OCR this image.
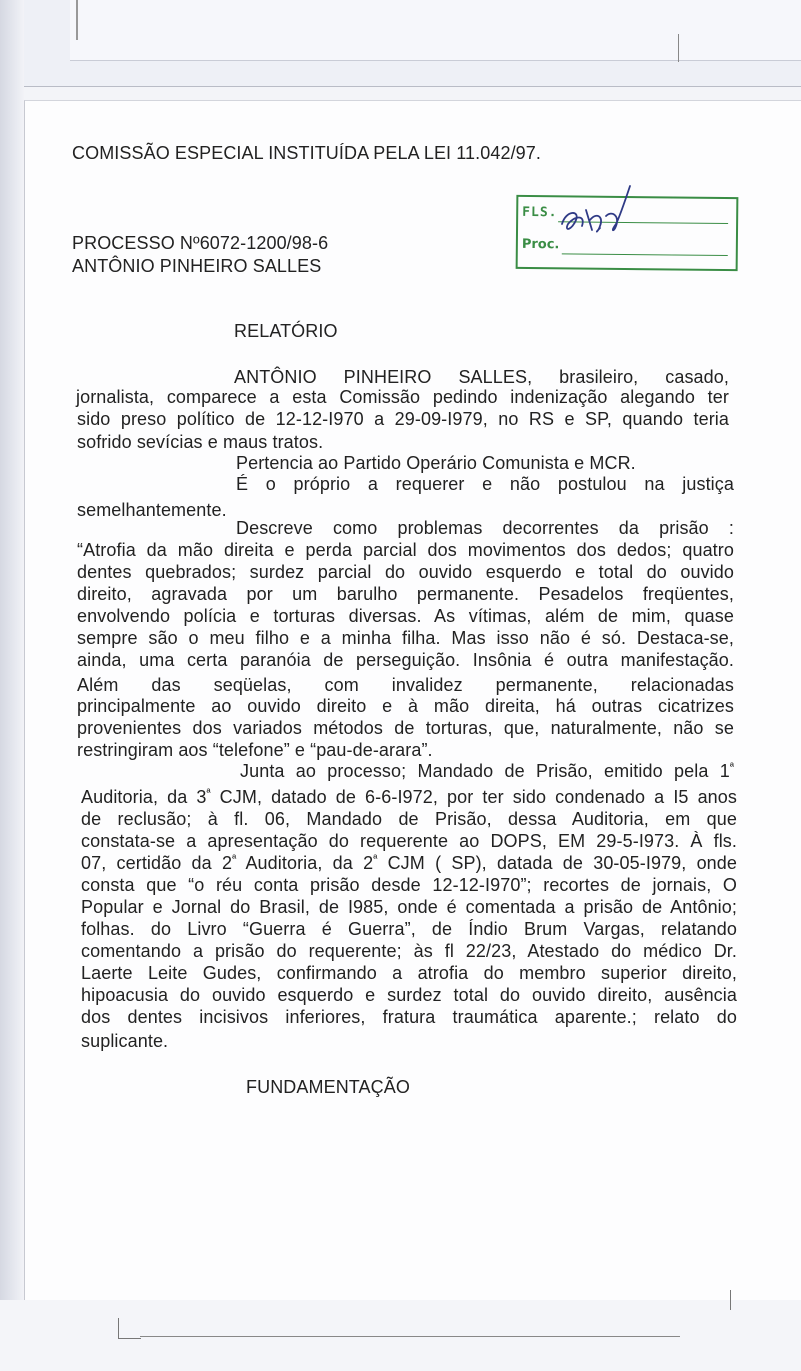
COMISSÃO ESPECIAL INSTITUÍDA PELA LEI 11.042/97.
PROCESSO Nº6072-1200/98-6
ANTÔNIO PINHEIRO SALLES
FLS.
Proc.
RELATÓRIO
ANTÔNIO PINHEIRO SALLES, brasileiro, casado,
jornalista, comparece a esta Comissão pedindo indenização alegando ter
sido preso político de 12-12-I970 a 29-09-I979, no RS e SP, quando teria
sofrido sevícias e maus tratos.
Pertencia ao Partido Operário Comunista e MCR.
É o próprio a requerer e não postulou na justiça
semelhantemente.
Descreve como problemas decorrentes da prisão :
“Atrofia da mão direita e perda parcial dos movimentos dos dedos; quatro
dentes quebrados; surdez parcial do ouvido esquerdo e total do ouvido
direito, agravada por um barulho permanente. Pesadelos freqüentes,
envolvendo polícia e torturas diversas. As vítimas, além de mim, quase
sempre são o meu filho e a minha filha. Mas isso não é só. Destaca-se,
ainda, uma certa paranóia de perseguição. Insônia é outra manifestação.
Além das seqüelas, com invalidez permanente, relacionadas
principalmente ao ouvido direito e à mão direita, há outras cicatrizes
provenientes dos variados métodos de torturas, que, naturalmente, não se
restringiram aos “telefone” e “pau-de-arara”.
Junta ao processo; Mandado de Prisão, emitido pela $1^ª$
Auditoria, da $3^ª$ CJM, datado de 6-6-I972, por ter sido condenado a I5 anos
de reclusão; à fl. 06, Mandado de Prisão, dessa Auditoria, em que
constata-se a apresentação do requerente ao DOPS, EM 29-5-I973. À fls.
07, certidão da $2^ª$ Auditoria, da $2^ª$ CJM ( SP), datada de 30-05-I979, onde
consta que “o réu conta prisão desde 12-12-I970”; recortes de jornais, O
Popular e Jornal do Brasil, de I985, onde é comentada a prisão de Antônio;
folhas. do Livro “Guerra é Guerra”, de Índio Brum Vargas, relatando
comentando a prisão do requerente; às fl 22/23, Atestado do médico Dr.
Laerte Leite Gudes, confirmando a atrofia do membro superior direito,
hipoacusia do ouvido esquerdo e surdez total do ouvido direito, ausência
dos dentes incisivos inferiores, fratura traumática aparente.; relato do
suplicante.
FUNDAMENTAÇÃO
